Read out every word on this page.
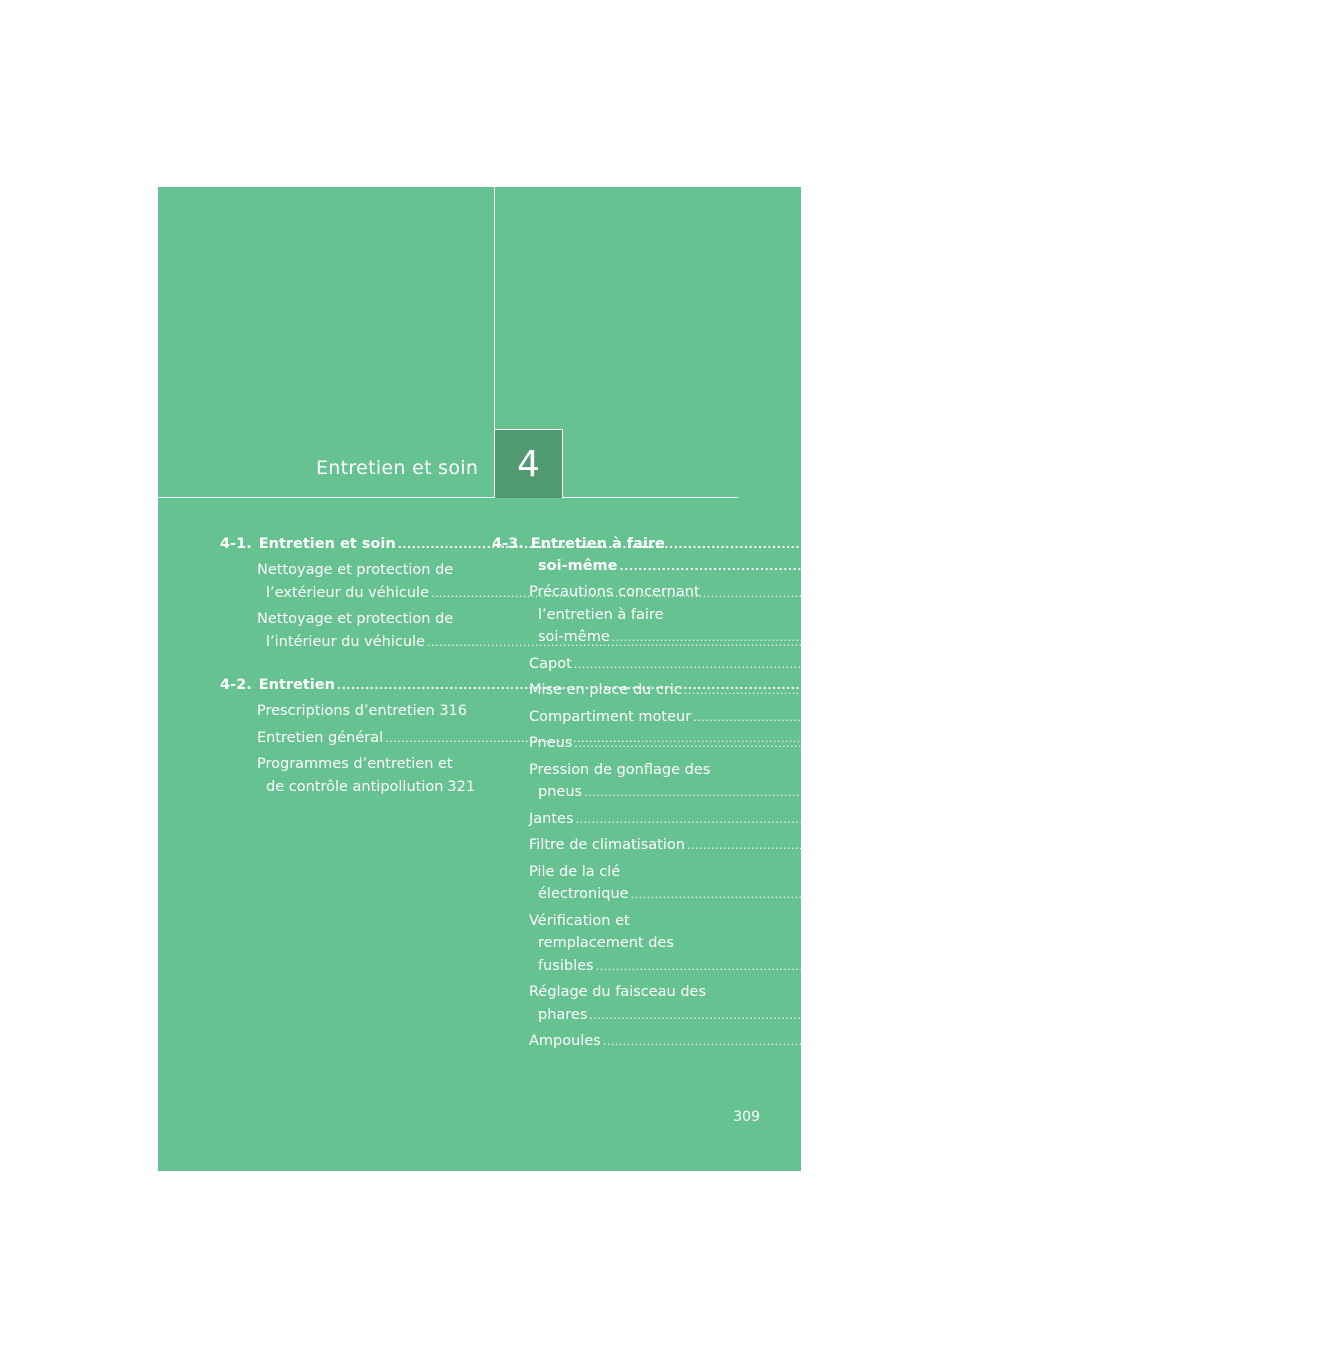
Entretien et soin 4
4-1. Entretien et soin .....	310
Nettoyage et protection de
l’extérieur du véhicule .....	310
Nettoyage et protection de
l’intérieur du véhicule .....	313
4-2. Entretien .....	316
Prescriptions d’entretien ..... 316
Entretien général .....	318
Programmes d’entretien et
de contrôle antipollution 321
4-3. Entretien à faire
soi-même .....	322
Précautions concernant
l’entretien à faire
soi-même .....	322
Capot .....	327
Mise en place du cric .....	328
Compartiment moteur .....	330
Pneus .....	347
Pression de gonflage des
pneus .....	361
Jantes .....	365
Filtre de climatisation .....	367
Pile de la clé
électronique .....	370
Vérification et
remplacement des
fusibles .....	372
Réglage du faisceau des
phares .....	386
Ampoules .....	388
309
